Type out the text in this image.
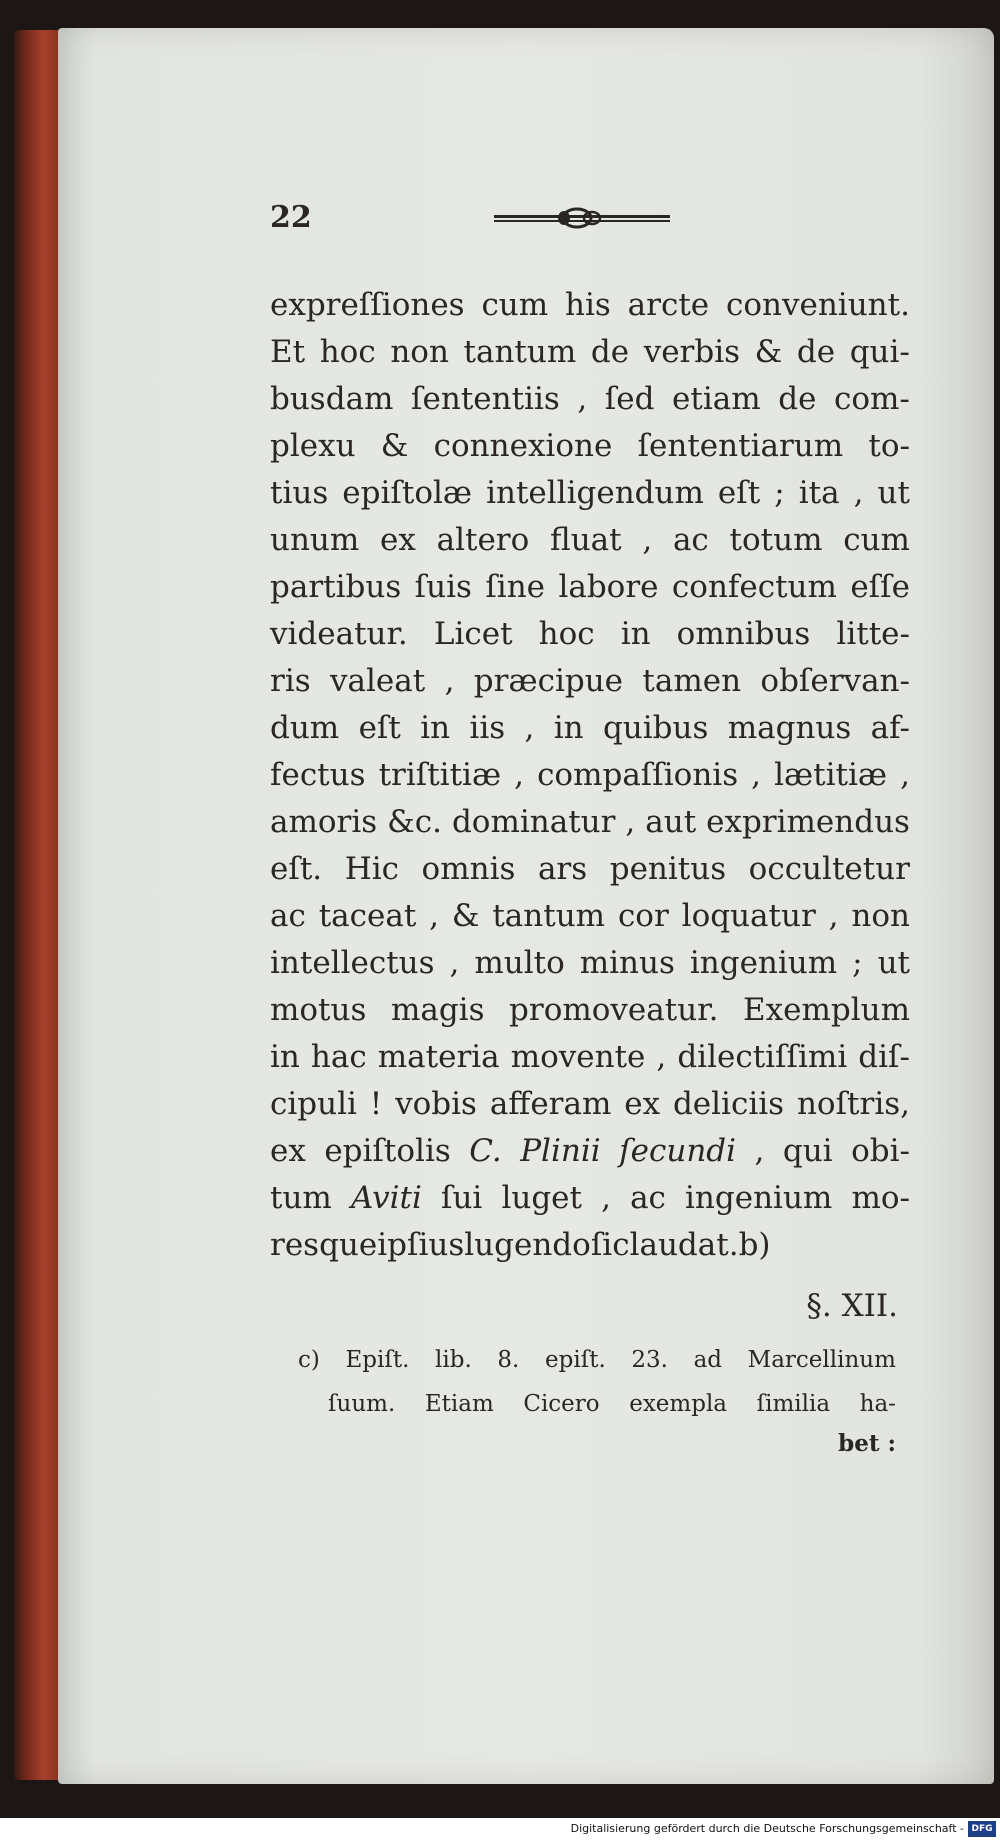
22
expreſſiones cum his arcte conveniunt.
Et hoc non tantum de verbis & de qui-
busdam ſententiis , ſed etiam de com-
plexu & connexione ſententiarum to-
tius epiſtolæ intelligendum eſt ; ita , ut
unum ex altero fluat , ac totum cum
partibus ſuis ſine labore confectum eſſe
videatur. Licet hoc in omnibus litte-
ris valeat , præcipue tamen obſervan-
dum eſt in iis , in quibus magnus af-
fectus triſtitiæ , compaſſionis , lætitiæ ,
amoris &c. dominatur , aut exprimendus
eſt. Hic omnis ars penitus occultetur
ac taceat , & tantum cor loquatur , non
intellectus , multo minus ingenium ; ut
motus magis promoveatur. Exemplum
in hac materia movente , dilectiſſimi diſ-
cipuli ! vobis afferam ex deliciis noſtris,
ex epiſtolis C. Plinii ſecundi , qui obi-
tum Aviti ſui luget , ac ingenium mo-
resque ipſius lugendo ſic laudat. b)
§. XII.
c) Epiſt. lib. 8. epiſt. 23. ad Marcellinum
ſuum. Etiam Cicero exempla ſimilia ha-
bet :
Digitalisierung gefördert durch die Deutsche Forschungsgemeinschaft - DFG
